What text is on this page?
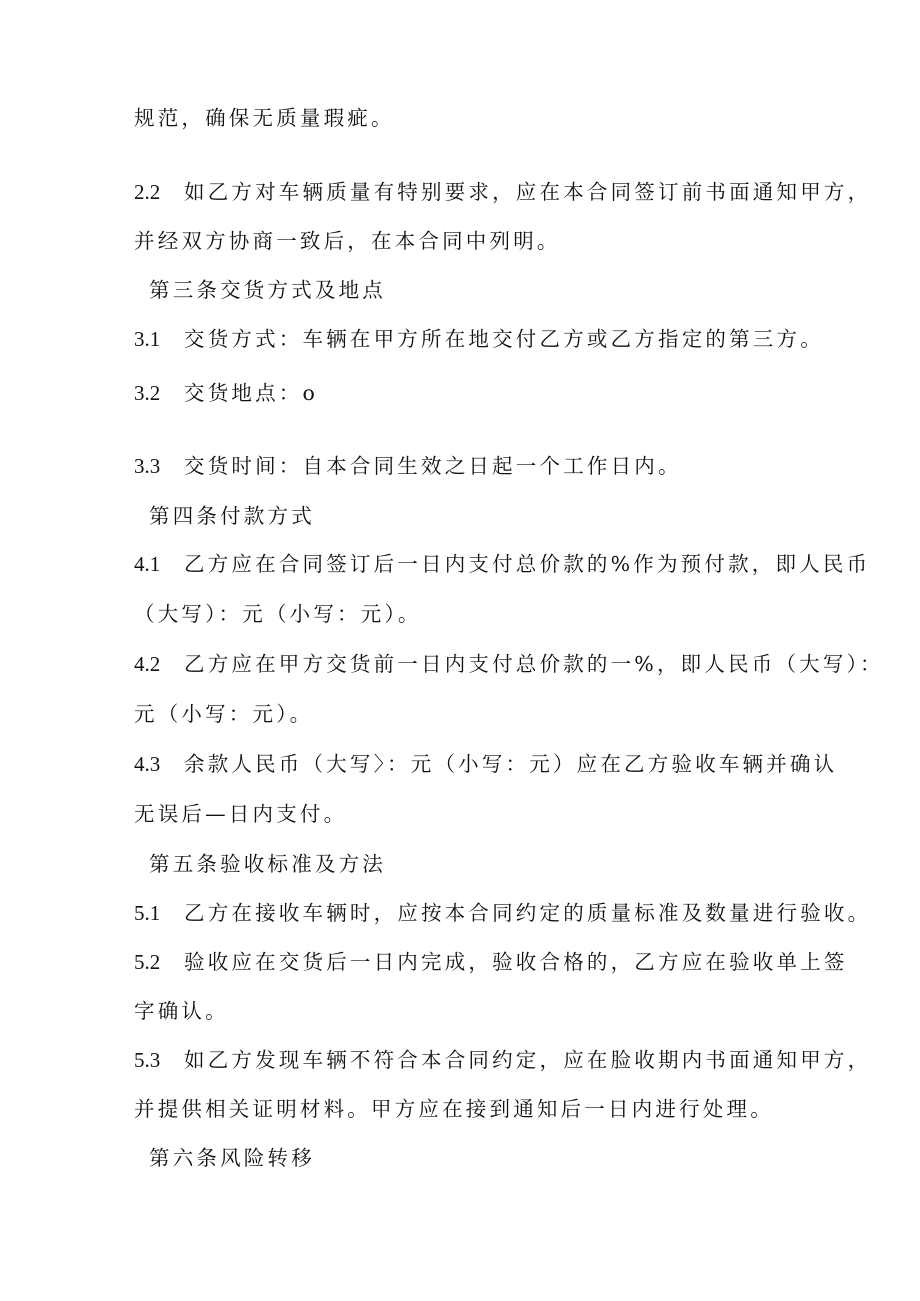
规范，确保无质量瑕疵。
2.2 如乙方对车辆质量有特别要求，应在本合同签订前书面通知甲方，
并经双方协商一致后，在本合同中列明。
第三条交货方式及地点
3.1 交货方式：车辆在甲方所在地交付乙方或乙方指定的第三方。
3.2 交货地点：o
3.3 交货时间：自本合同生效之日起一个工作日内。
第四条付款方式
4.1 乙方应在合同签订后一日内支付总价款的%作为预付款，即人民币
（大写）：元（小写：元）。
4.2 乙方应在甲方交货前一日内支付总价款的一%，即人民币（大写）：
元（小写：元）。
4.3 余款人民币（大写〉：元（小写：元）应在乙方验收车辆并确认
无误后—日内支付。
第五条验收标准及方法
5.1 乙方在接收车辆时，应按本合同约定的质量标准及数量进行验收。
5.2 验收应在交货后一日内完成，验收合格的，乙方应在验收单上签
字确认。
5.3 如乙方发现车辆不符合本合同约定，应在脸收期内书面通知甲方，
并提供相关证明材料。甲方应在接到通知后一日内进行处理。
第六条风险转移
